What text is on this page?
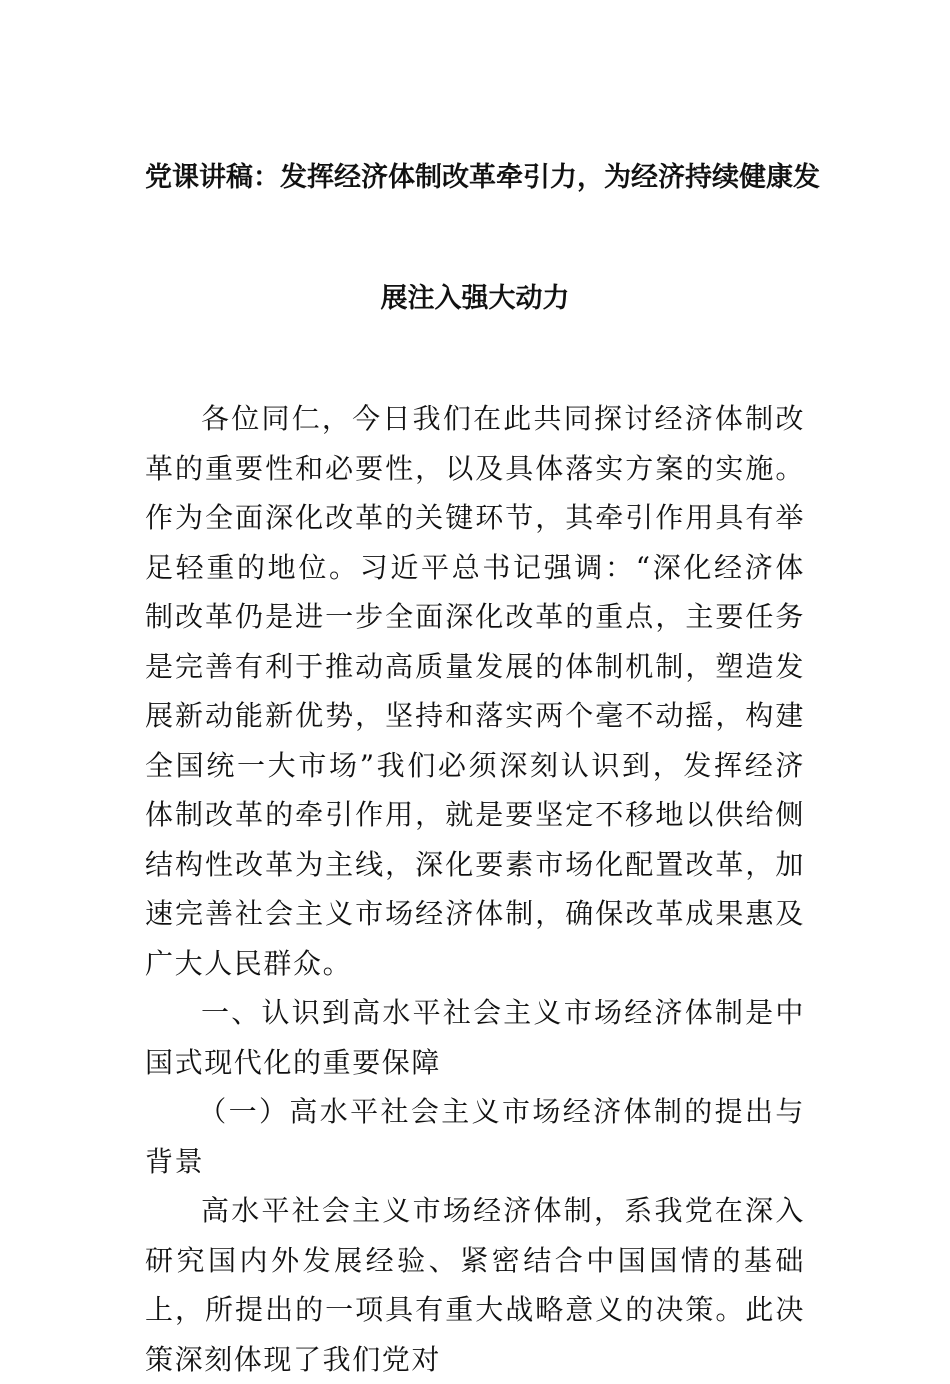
党课讲稿：发挥经济体制改革牵引力，为经济持续健康发
展注入强大动力

各位同仁，今日我们在此共同探讨经济体制改革的重要性和必要性，以及具体落实方案的实施。作为全面深化改革的关键环节，其牵引作用具有举足轻重的地位。习近平总书记强调：“深化经济体制改革仍是进一步全面深化改革的重点，主要任务是完善有利于推动高质量发展的体制机制，塑造发展新动能新优势，坚持和落实两个毫不动摇，构建全国统一大市场”我们必须深刻认识到，发挥经济体制改革的牵引作用，就是要坚定不移地以供给侧结构性改革为主线，深化要素市场化配置改革，加速完善社会主义市场经济体制，确保改革成果惠及广大人民群众。

一、认识到高水平社会主义市场经济体制是中国式现代化的重要保障

（一）高水平社会主义市场经济体制的提出与背景

高水平社会主义市场经济体制，系我党在深入研究国内外发展经验、紧密结合中国国情的基础上，所提出的一项具有重大战略意义的决策。此决策深刻体现了我们党对
